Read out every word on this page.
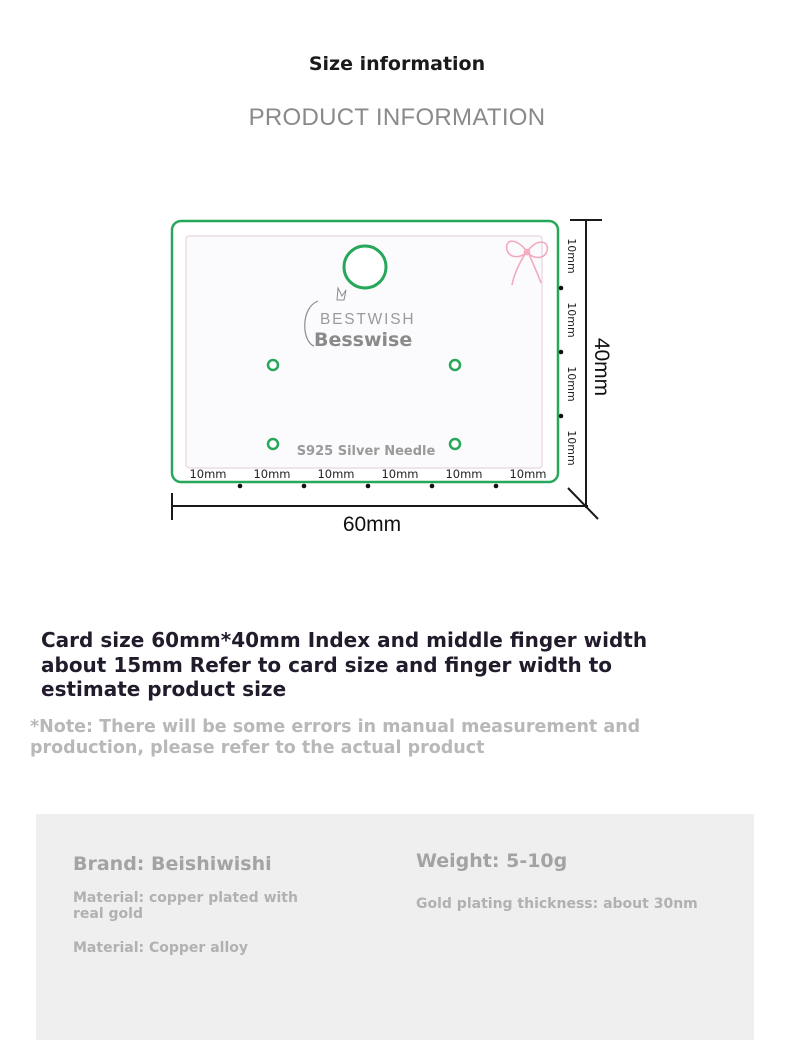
Size information
PRODUCT INFORMATION
BESTWISH
Besswise
S925 Silver Needle
10mm 10mm 10mm 10mm 10mm 10mm
60mm
40mm
10mm
10mm
10mm
10mm
Card size 60mm*40mm Index and middle finger width about 15mm Refer to card size and finger width to estimate product size
*Note: There will be some errors in manual measurement and production, please refer to the actual product
Brand: Beishiwishi
Material: copper plated with real gold
Material: Copper alloy
Weight: 5-10g
Gold plating thickness: about 30nm
